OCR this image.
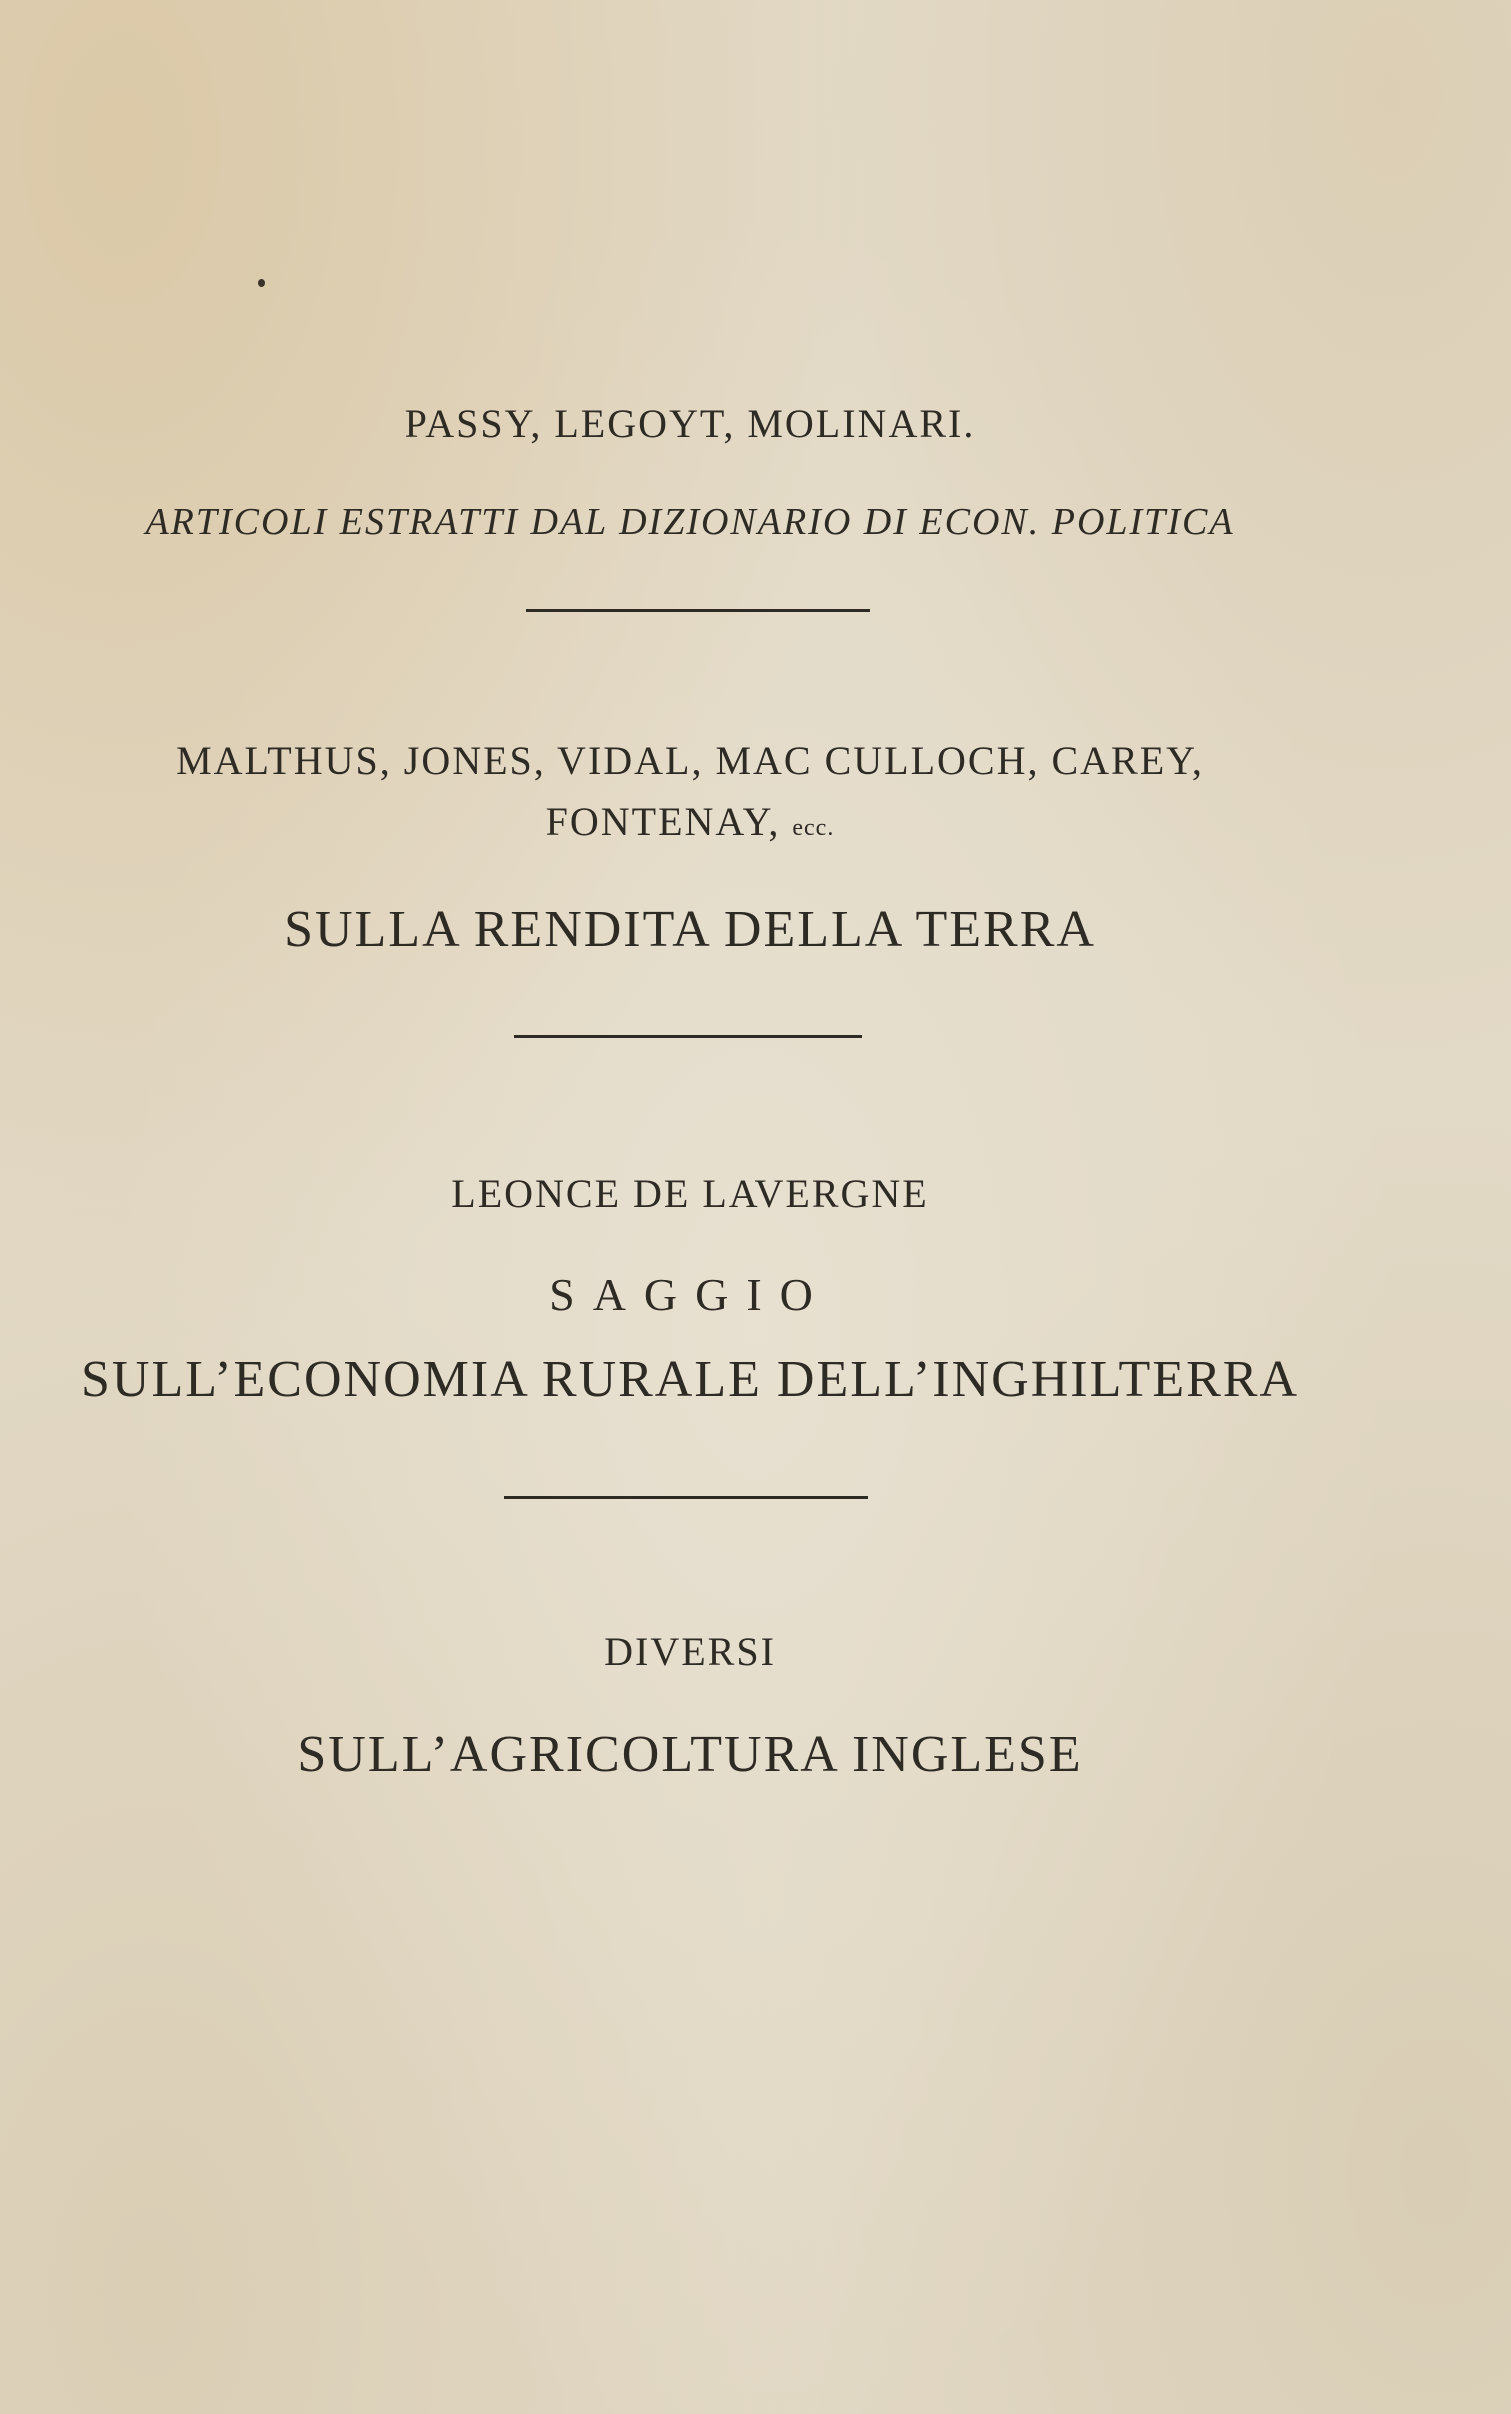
PASSY, LEGOYT, MOLINARI.
ARTICOLI ESTRATTI DAL DIZIONARIO DI ECON. POLITICA
MALTHUS, JONES, VIDAL, MAC CULLOCH, CAREY,
FONTENAY, ecc.
SULLA RENDITA DELLA TERRA
LEONCE DE LAVERGNE
SAGGIO
SULL’ECONOMIA RURALE DELL’INGHILTERRA
DIVERSI
SULL’AGRICOLTURA INGLESE
